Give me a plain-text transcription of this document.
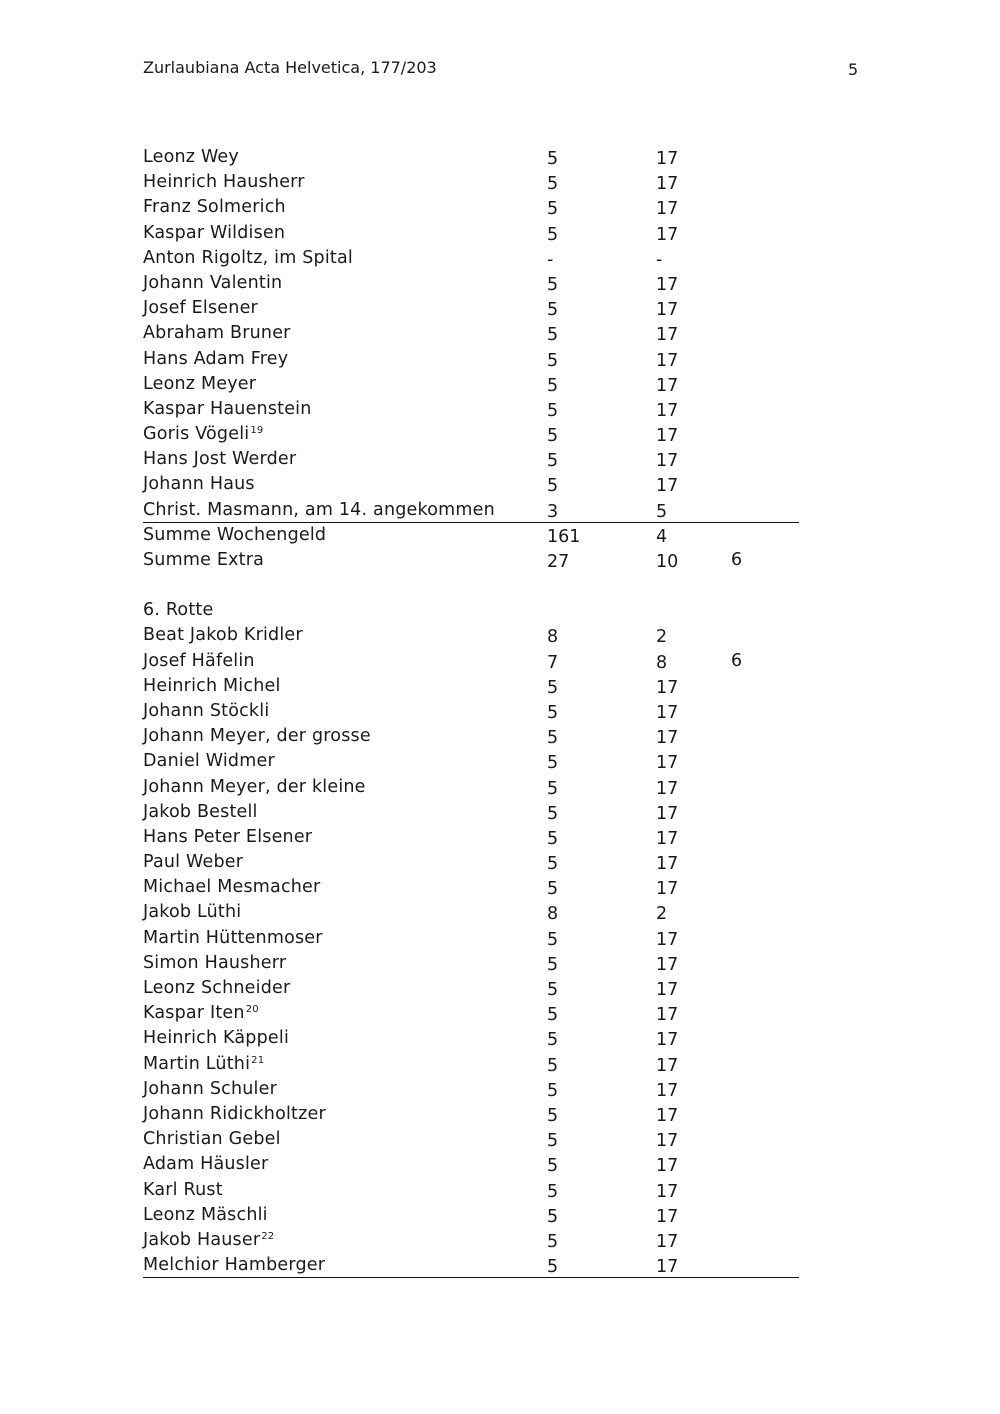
Zurlaubiana Acta Helvetica, 177/203	5
Leonz Wey	5	17
Heinrich Hausherr	5	17
Franz Solmerich	5	17
Kaspar Wildisen	5	17
Anton Rigoltz, im Spital	-	-
Johann Valentin	5	17
Josef Elsener	5	17
Abraham Bruner	5	17
Hans Adam Frey	5	17
Leonz Meyer	5	17
Kaspar Hauenstein	5	17
Goris Vögeli$^{19}$	5	17
Hans Jost Werder	5	17
Johann Haus	5	17
Christ. Masmann, am 14. angekommen	3	5
Summe Wochengeld	161	4
Summe Extra	27	10	6
6. Rotte
Beat Jakob Kridler	8	2
Josef Häfelin	7	8	6
Heinrich Michel	5	17
Johann Stöckli	5	17
Johann Meyer, der grosse	5	17
Daniel Widmer	5	17
Johann Meyer, der kleine	5	17
Jakob Bestell	5	17
Hans Peter Elsener	5	17
Paul Weber	5	17
Michael Mesmacher	5	17
Jakob Lüthi	8	2
Martin Hüttenmoser	5	17
Simon Hausherr	5	17
Leonz Schneider	5	17
Kaspar Iten$^{20}$	5	17
Heinrich Käppeli	5	17
Martin Lüthi$^{21}$	5	17
Johann Schuler	5	17
Johann Ridickholtzer	5	17
Christian Gebel	5	17
Adam Häusler	5	17
Karl Rust	5	17
Leonz Mäschli	5	17
Jakob Hauser$^{22}$	5	17
Melchior Hamberger	5	17
